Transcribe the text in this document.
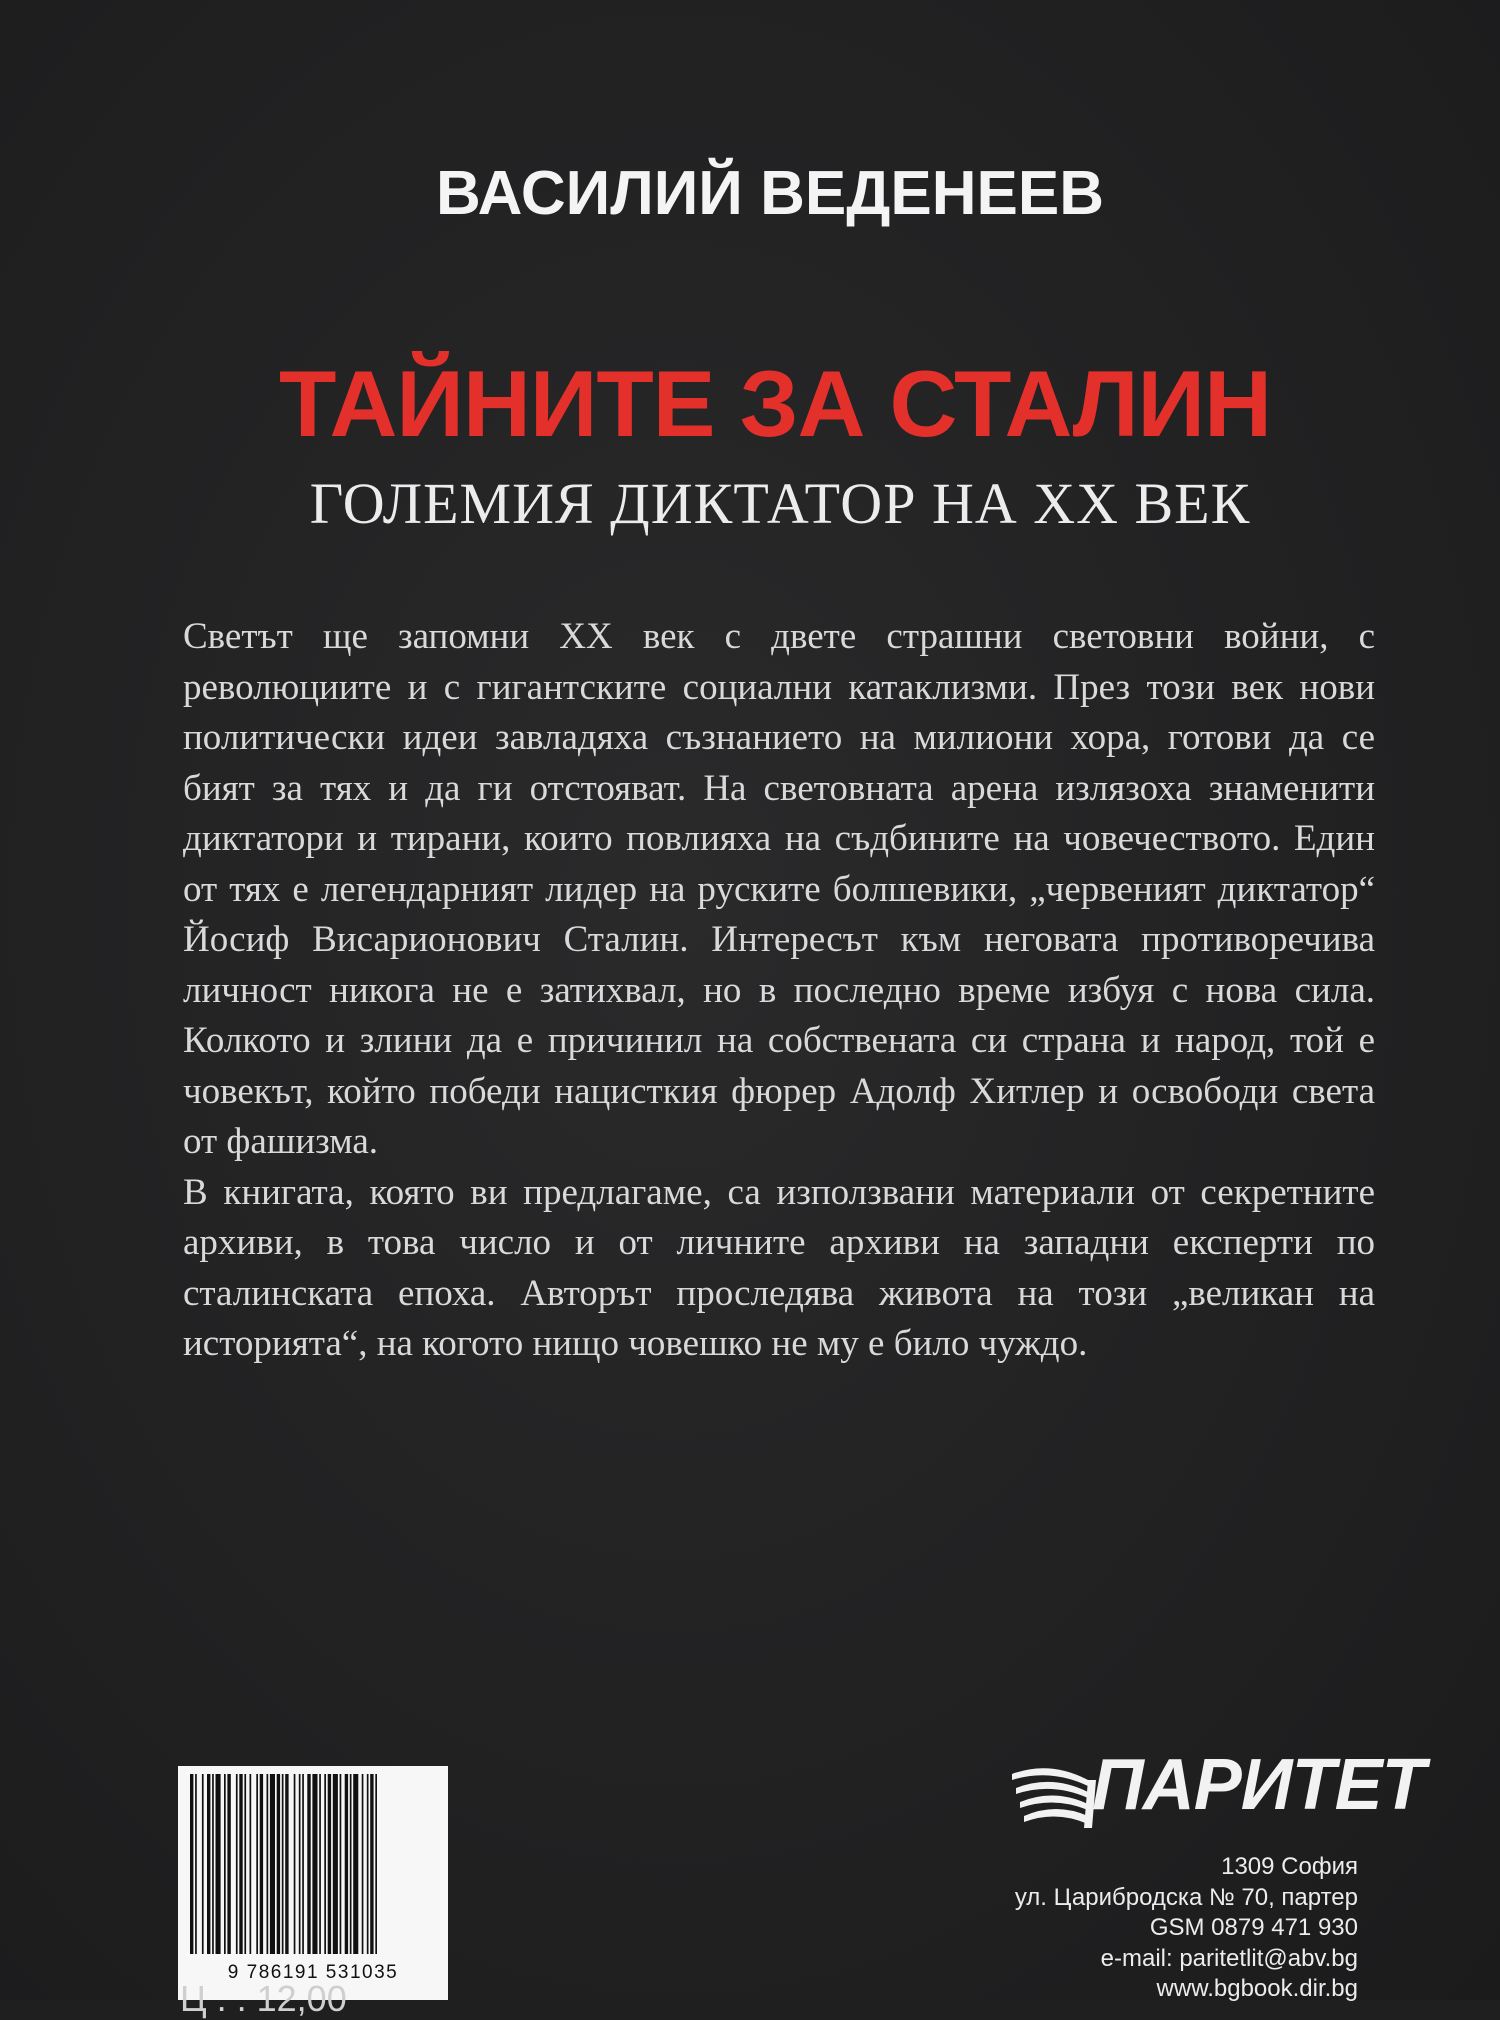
ВАСИЛИЙ ВЕДЕНЕЕВ
ТАЙНИТЕ ЗА СТАЛИН
ГОЛЕМИЯ ДИКТАТОР НА XX ВЕК

Светът ще запомни XX век с двете страшни световни войни, с революциите и с гигантските социални катаклизми. През този век нови политически идеи завладяха съзнанието на милиони хора, готови да се бият за тях и да ги отстояват. На световната арена излязоха знаменити диктатори и тирани, които повлияха на съдбините на човечеството. Един от тях е легендарният лидер на руските болшевики, „червеният диктатор“ Йосиф Висарионович Сталин. Интересът към неговата противоречива личност никога не е затихвал, но в последно време избуя с нова сила. Колкото и злини да е причинил на собствената си страна и народ, той е човекът, който победи нацисткия фюрер Адолф Хитлер и освободи света от фашизма.

В книгата, която ви предлагаме, са използвани материали от секретните архиви, в това число и от личните архиви на западни експерти по сталинската епоха. Авторът проследява живота на този „великан на историята“, на когото нищо човешко не му е било чуждо.

9 786191 531035
Ц . . 12,00
ПАРИТЕТ
1309 София
ул. Царибродска № 70, партер
GSM 0879 471 930
e-mail: paritetlit@abv.bg
www.bgbook.dir.bg
